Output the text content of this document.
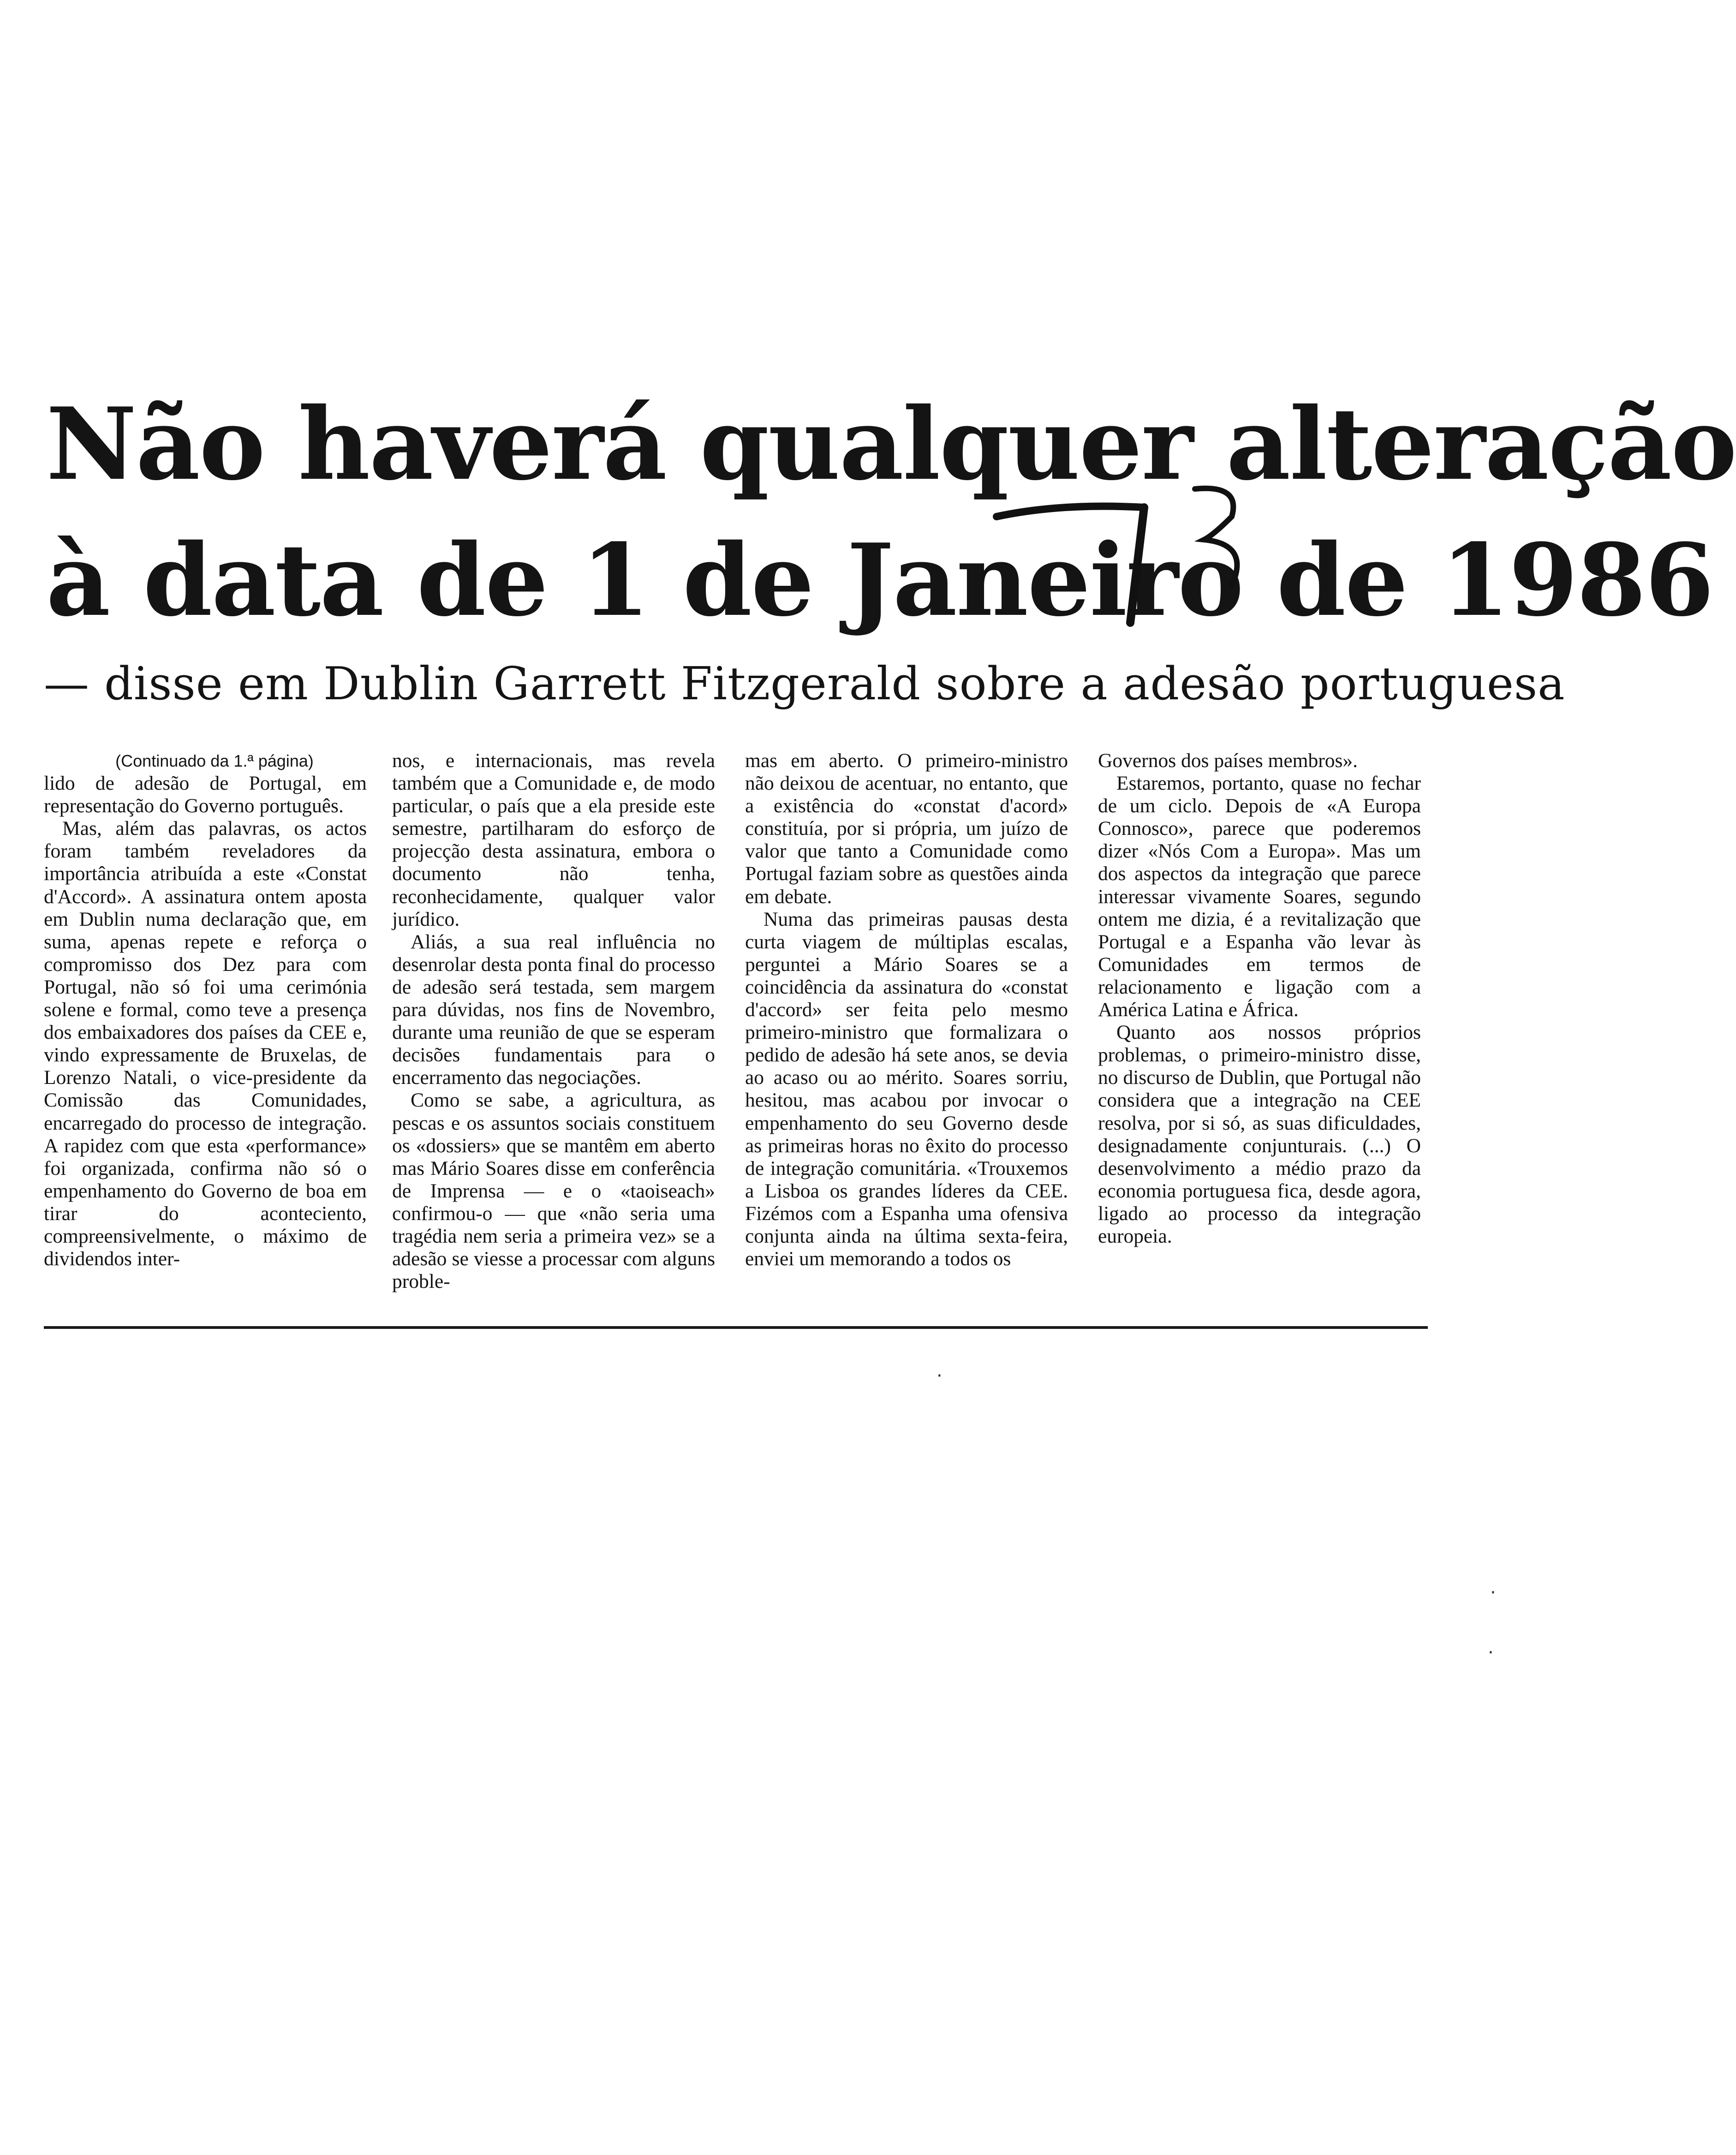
Não haverá qualquer alteração
à data de 1 de Janeiro de 1986
— disse em Dublin Garrett Fitzgerald sobre a adesão portuguesa

(Continuado da 1.ª página)

lido de adesão de Portugal, em representação do Governo português.

Mas, além das palavras, os actos foram também reveladores da importância atribuída a este «Constat d'Accord». A assinatura ontem aposta em Dublin numa declaração que, em suma, apenas repete e reforça o compromisso dos Dez para com Portugal, não só foi uma cerimónia solene e formal, como teve a presença dos embaixadores dos países da CEE e, vindo expressamente de Bruxelas, de Lorenzo Natali, o vice-presidente da Comissão das Comunidades, encarregado do processo de integração. A rapidez com que esta «performance» foi organizada, confirma não só o empenhamento do Governo de boa em tirar do aconteciento, compreensivelmente, o máximo de dividendos inter-

nos, e internacionais, mas revela também que a Comunidade e, de modo particular, o país que a ela preside este semestre, partilharam do esforço de projecção desta assinatura, embora o documento não tenha, reconhecidamente, qualquer valor jurídico.

Aliás, a sua real influência no desenrolar desta ponta final do processo de adesão será testada, sem margem para dúvidas, nos fins de Novembro, durante uma reunião de que se esperam decisões fundamentais para o encerramento das negociações.

Como se sabe, a agricultura, as pescas e os assuntos sociais constituem os «dossiers» que se mantêm em aberto mas Mário Soares disse em conferência de Imprensa — e o «taoiseach» confirmou-o — que «não seria uma tragédia nem seria a primeira vez» se a adesão se viesse a processar com alguns proble-

mas em aberto. O primeiro-ministro não deixou de acentuar, no entanto, que a existência do «constat d'acord» constituía, por si própria, um juízo de valor que tanto a Comunidade como Portugal faziam sobre as questões ainda em debate.

Numa das primeiras pausas desta curta viagem de múltiplas escalas, perguntei a Mário Soares se a coincidência da assinatura do «constat d'accord» ser feita pelo mesmo primeiro-ministro que formalizara o pedido de adesão há sete anos, se devia ao acaso ou ao mérito. Soares sorriu, hesitou, mas acabou por invocar o empenhamento do seu Governo desde as primeiras horas no êxito do processo de integração comunitária. «Trouxemos a Lisboa os grandes líderes da CEE. Fizémos com a Espanha uma ofensiva conjunta ainda na última sexta-feira, enviei um memorando a todos os

Governos dos países membros».

Estaremos, portanto, quase no fechar de um ciclo. Depois de «A Europa Connosco», parece que poderemos dizer «Nós Com a Europa». Mas um dos aspectos da integração que parece interessar vivamente Soares, segundo ontem me dizia, é a revitalização que Portugal e a Espanha vão levar às Comunidades em termos de relacionamento e ligação com a América Latina e África.

Quanto aos nossos próprios problemas, o primeiro-ministro disse, no discurso de Dublin, que Portugal não considera que a integração na CEE resolva, por si só, as suas dificuldades, designadamente conjunturais. (...) O desenvolvimento a médio prazo da economia portuguesa fica, desde agora, ligado ao processo da integração europeia.

·
·
·
